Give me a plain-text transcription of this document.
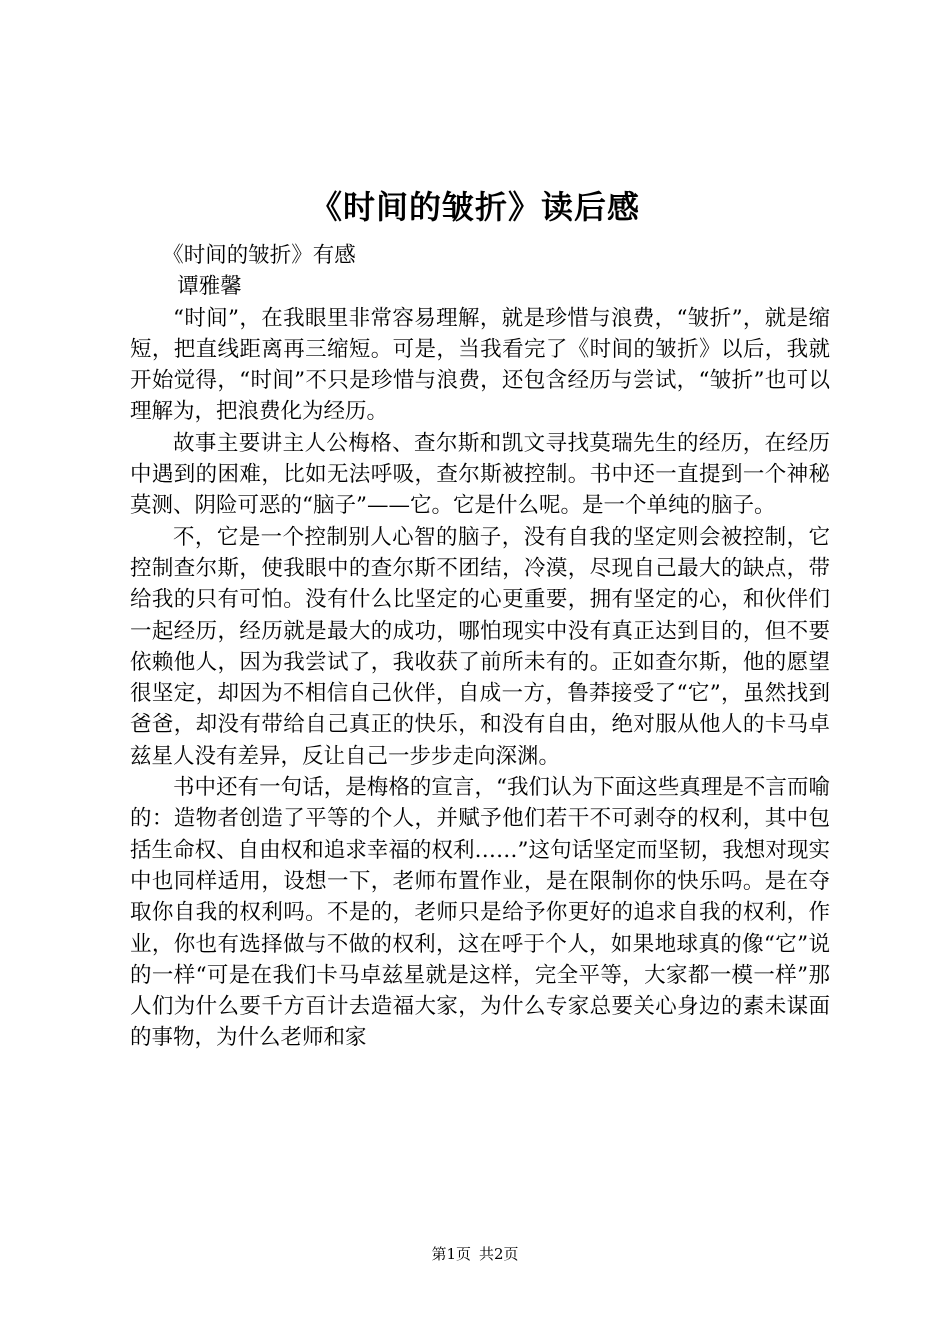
《时间的皱折》读后感

《时间的皱折》有感

谭雅馨

“时间”，在我眼里非常容易理解，就是珍惜与浪费，“皱折”，就是缩短，把直线距离再三缩短。可是，当我看完了《时间的皱折》以后，我就开始觉得，“时间”不只是珍惜与浪费，还包含经历与尝试，“皱折”也可以理解为，把浪费化为经历。

故事主要讲主人公梅格、查尔斯和凯文寻找莫瑞先生的经历，在经历中遇到的困难，比如无法呼吸，查尔斯被控制。书中还一直提到一个神秘莫测、阴险可恶的“脑子”——它。它是什么呢。是一个单纯的脑子。

不，它是一个控制别人心智的脑子，没有自我的坚定则会被控制，它控制查尔斯，使我眼中的查尔斯不团结，冷漠，尽现自己最大的缺点，带给我的只有可怕。没有什么比坚定的心更重要，拥有坚定的心，和伙伴们一起经历，经历就是最大的成功，哪怕现实中没有真正达到目的，但不要依赖他人，因为我尝试了，我收获了前所未有的。正如查尔斯，他的愿望很坚定，却因为不相信自己伙伴，自成一方，鲁莽接受了“它”，虽然找到爸爸，却没有带给自己真正的快乐，和没有自由，绝对服从他人的卡马卓兹星人没有差异，反让自己一步步走向深渊。

书中还有一句话，是梅格的宣言，“我们认为下面这些真理是不言而喻的：造物者创造了平等的个人，并赋予他们若干不可剥夺的权利，其中包括生命权、自由权和追求幸福的权利……”这句话坚定而坚韧，我想对现实中也同样适用，设想一下，老师布置作业，是在限制你的快乐吗。是在夺取你自我的权利吗。不是的，老师只是给予你更好的追求自我的权利，作业，你也有选择做与不做的权利，这在呼于个人，如果地球真的像“它”说的一样“可是在我们卡马卓兹星就是这样，完全平等，大家都一模一样”那人们为什么要千方百计去造福大家，为什么专家总要关心身边的素未谋面的事物，为什么老师和家

第1页 共2页
